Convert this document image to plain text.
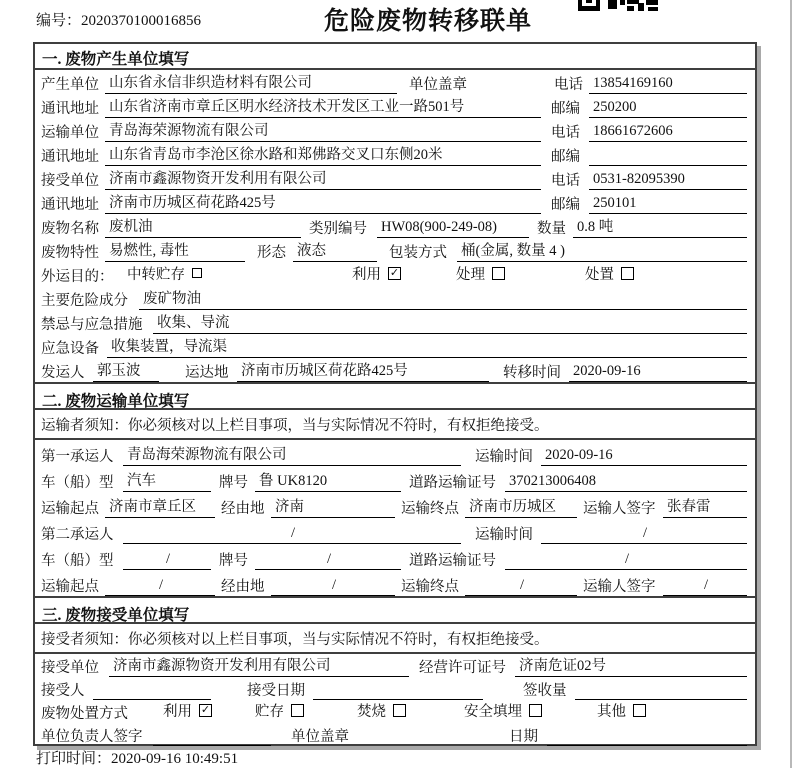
编号：2020370100016856	危险废物转移联单
一. 废物产生单位填写
产生单位 山东省永信非织造材料有限公司	单位盖章	电话 13854169160
通讯地址 山东省济南市章丘区明水经济技术开发区工业一路501号	邮编 250200
运输单位 青岛海荣源物流有限公司	电话 18661672606
通讯地址 山东省青岛市李沧区徐水路和郑佛路交叉口东侧20米	邮编
接受单位 济南市鑫源物资开发利用有限公司	电话 0531-82095390
通讯地址 济南市历城区荷花路425号	邮编 250101
废物名称 废机油	类别编号 HW08(900-249-08)	数量 0.8 吨
废物特性 易燃性, 毒性	形态 液态	包装方式 桶(金属, 数量 4 )
外运目的： 中转贮存	利用 ✓	处理	处置
主要危险成分	废矿物油
禁忌与应急措施	收集、导流
应急设备 收集装置，导流渠
发运人 郭玉波	运达地 济南市历城区荷花路425号	转移时间 2020-09-16
二. 废物运输单位填写
运输者须知：你必须核对以上栏目事项，当与实际情况不符时，有权拒绝接受。
第一承运人 青岛海荣源物流有限公司	运输时间 2020-09-16
车（船）型 汽车	牌号 鲁 UK8120	道路运输证号 370213006408
运输起点 济南市章丘区	经由地 济南	运输终点 济南市历城区	运输人签字 张春雷
第二承运人	/	运输时间	/
车（船）型	/	牌号	/	道路运输证号	/
运输起点	/	经由地	/	运输终点	/	运输人签字	/
三. 废物接受单位填写
接受者须知：你必须核对以上栏目事项，当与实际情况不符时，有权拒绝接受。
接受单位 济南市鑫源物资开发利用有限公司	经营许可证号 济南危证02号
接受人	接受日期	签收量
废物处置方式	利用 ✓	贮存	焚烧	安全填埋	其他
单位负责人签字	单位盖章	日期
打印时间：2020-09-16 10:49:51
